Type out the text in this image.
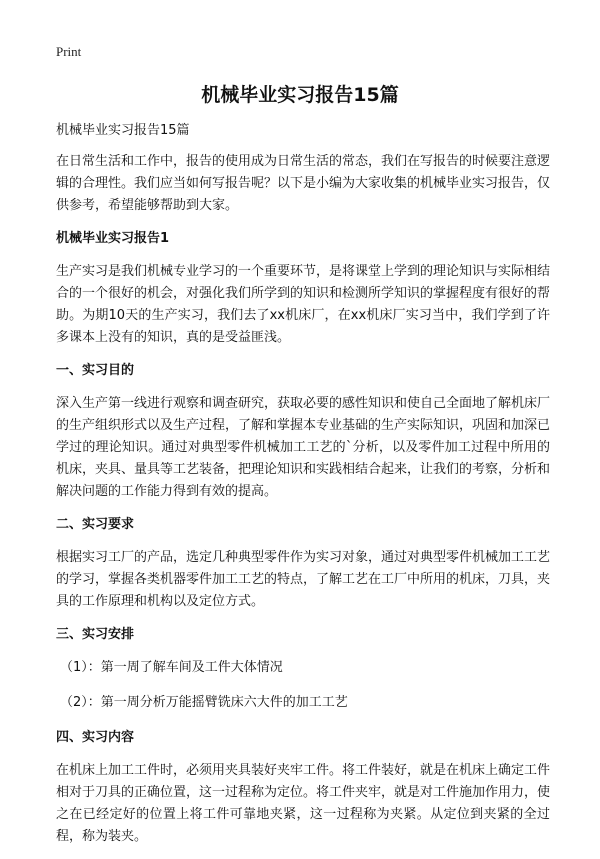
Print
机械毕业实习报告15篇

机械毕业实习报告15篇

在日常生活和工作中，报告的使用成为日常生活的常态，我们在写报告的时候要注意逻辑的合理性。我们应当如何写报告呢？以下是小编为大家收集的机械毕业实习报告，仅供参考，希望能够帮助到大家。

机械毕业实习报告1

生产实习是我们机械专业学习的一个重要环节，是将课堂上学到的理论知识与实际相结合的一个很好的机会，对强化我们所学到的知识和检测所学知识的掌握程度有很好的帮助。为期10天的生产实习，我们去了xx机床厂，在xx机床厂实习当中，我们学到了许多课本上没有的知识，真的是受益匪浅。

一、实习目的

深入生产第一线进行观察和调查研究，获取必要的感性知识和使自己全面地了解机床厂的生产组织形式以及生产过程，了解和掌握本专业基础的生产实际知识，巩固和加深已学过的理论知识。通过对典型零件机械加工工艺的`分析，以及零件加工过程中所用的机床，夹具、量具等工艺装备，把理论知识和实践相结合起来，让我们的考察，分析和解决问题的工作能力得到有效的提高。

二、实习要求

根据实习工厂的产品，选定几种典型零件作为实习对象，通过对典型零件机械加工工艺的学习，掌握各类机器零件加工工艺的特点，了解工艺在工厂中所用的机床，刀具，夹具的工作原理和机构以及定位方式。

三、实习安排

（1）：第一周了解车间及工件大体情况

（2）：第一周分析万能摇臂铣床六大件的加工工艺

四、实习内容

在机床上加工工件时，必须用夹具装好夹牢工件。将工件装好，就是在机床上确定工件相对于刀具的正确位置，这一过程称为定位。将工件夹牢，就是对工件施加作用力，使之在已经定好的位置上将工件可靠地夹紧，这一过程称为夹紧。从定位到夹紧的全过程，称为装夹。
